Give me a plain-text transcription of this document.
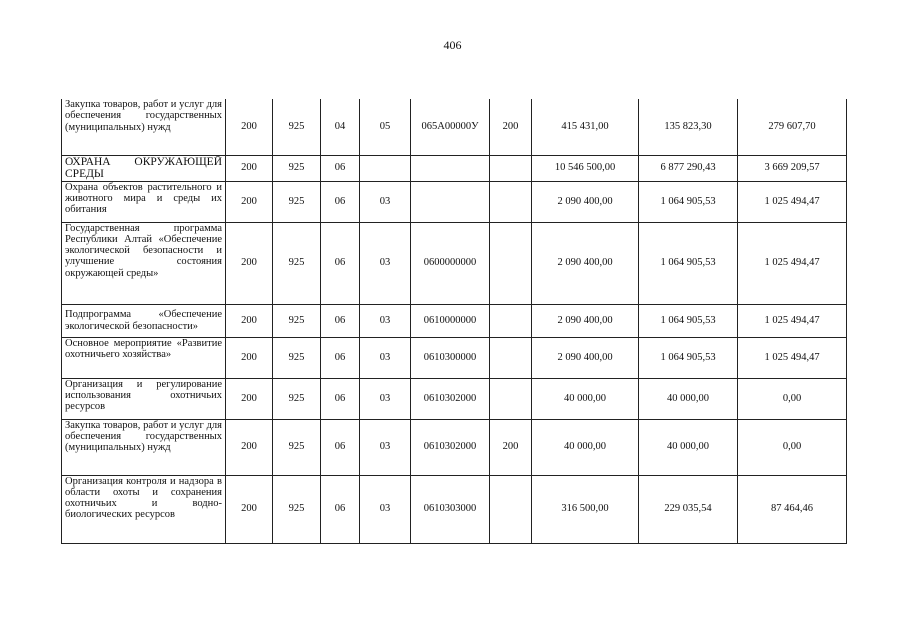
406
Закупка товаров, работ и услуг для обеспечения государственных (муниципальных) нужд	200	925	04	05	065А00000У	200	415 431,00	135 823,30	279 607,70
ОХРАНА ОКРУЖАЮЩЕЙ СРЕДЫ	200	925	06				10 546 500,00	6 877 290,43	3 669 209,57
Охрана объектов растительного и животного мира и среды их обитания	200	925	06	03			2 090 400,00	1 064 905,53	1 025 494,47
Государственная программа Республики Алтай «Обеспечение экологической безопасности и улучшение состояния окружающей среды»	200	925	06	03	0600000000		2 090 400,00	1 064 905,53	1 025 494,47
Подпрограмма «Обеспечение экологической безопасности»	200	925	06	03	0610000000		2 090 400,00	1 064 905,53	1 025 494,47
Основное мероприятие «Развитие охотничьего хозяйства»	200	925	06	03	0610300000		2 090 400,00	1 064 905,53	1 025 494,47
Организация и регулирование использования охотничьих ресурсов	200	925	06	03	0610302000		40 000,00	40 000,00	0,00
Закупка товаров, работ и услуг для обеспечения государственных (муниципальных) нужд	200	925	06	03	0610302000	200	40 000,00	40 000,00	0,00
Организация контроля и надзора в области охоты и сохранения охотничьих и водно-биологических ресурсов	200	925	06	03	0610303000		316 500,00	229 035,54	87 464,46
